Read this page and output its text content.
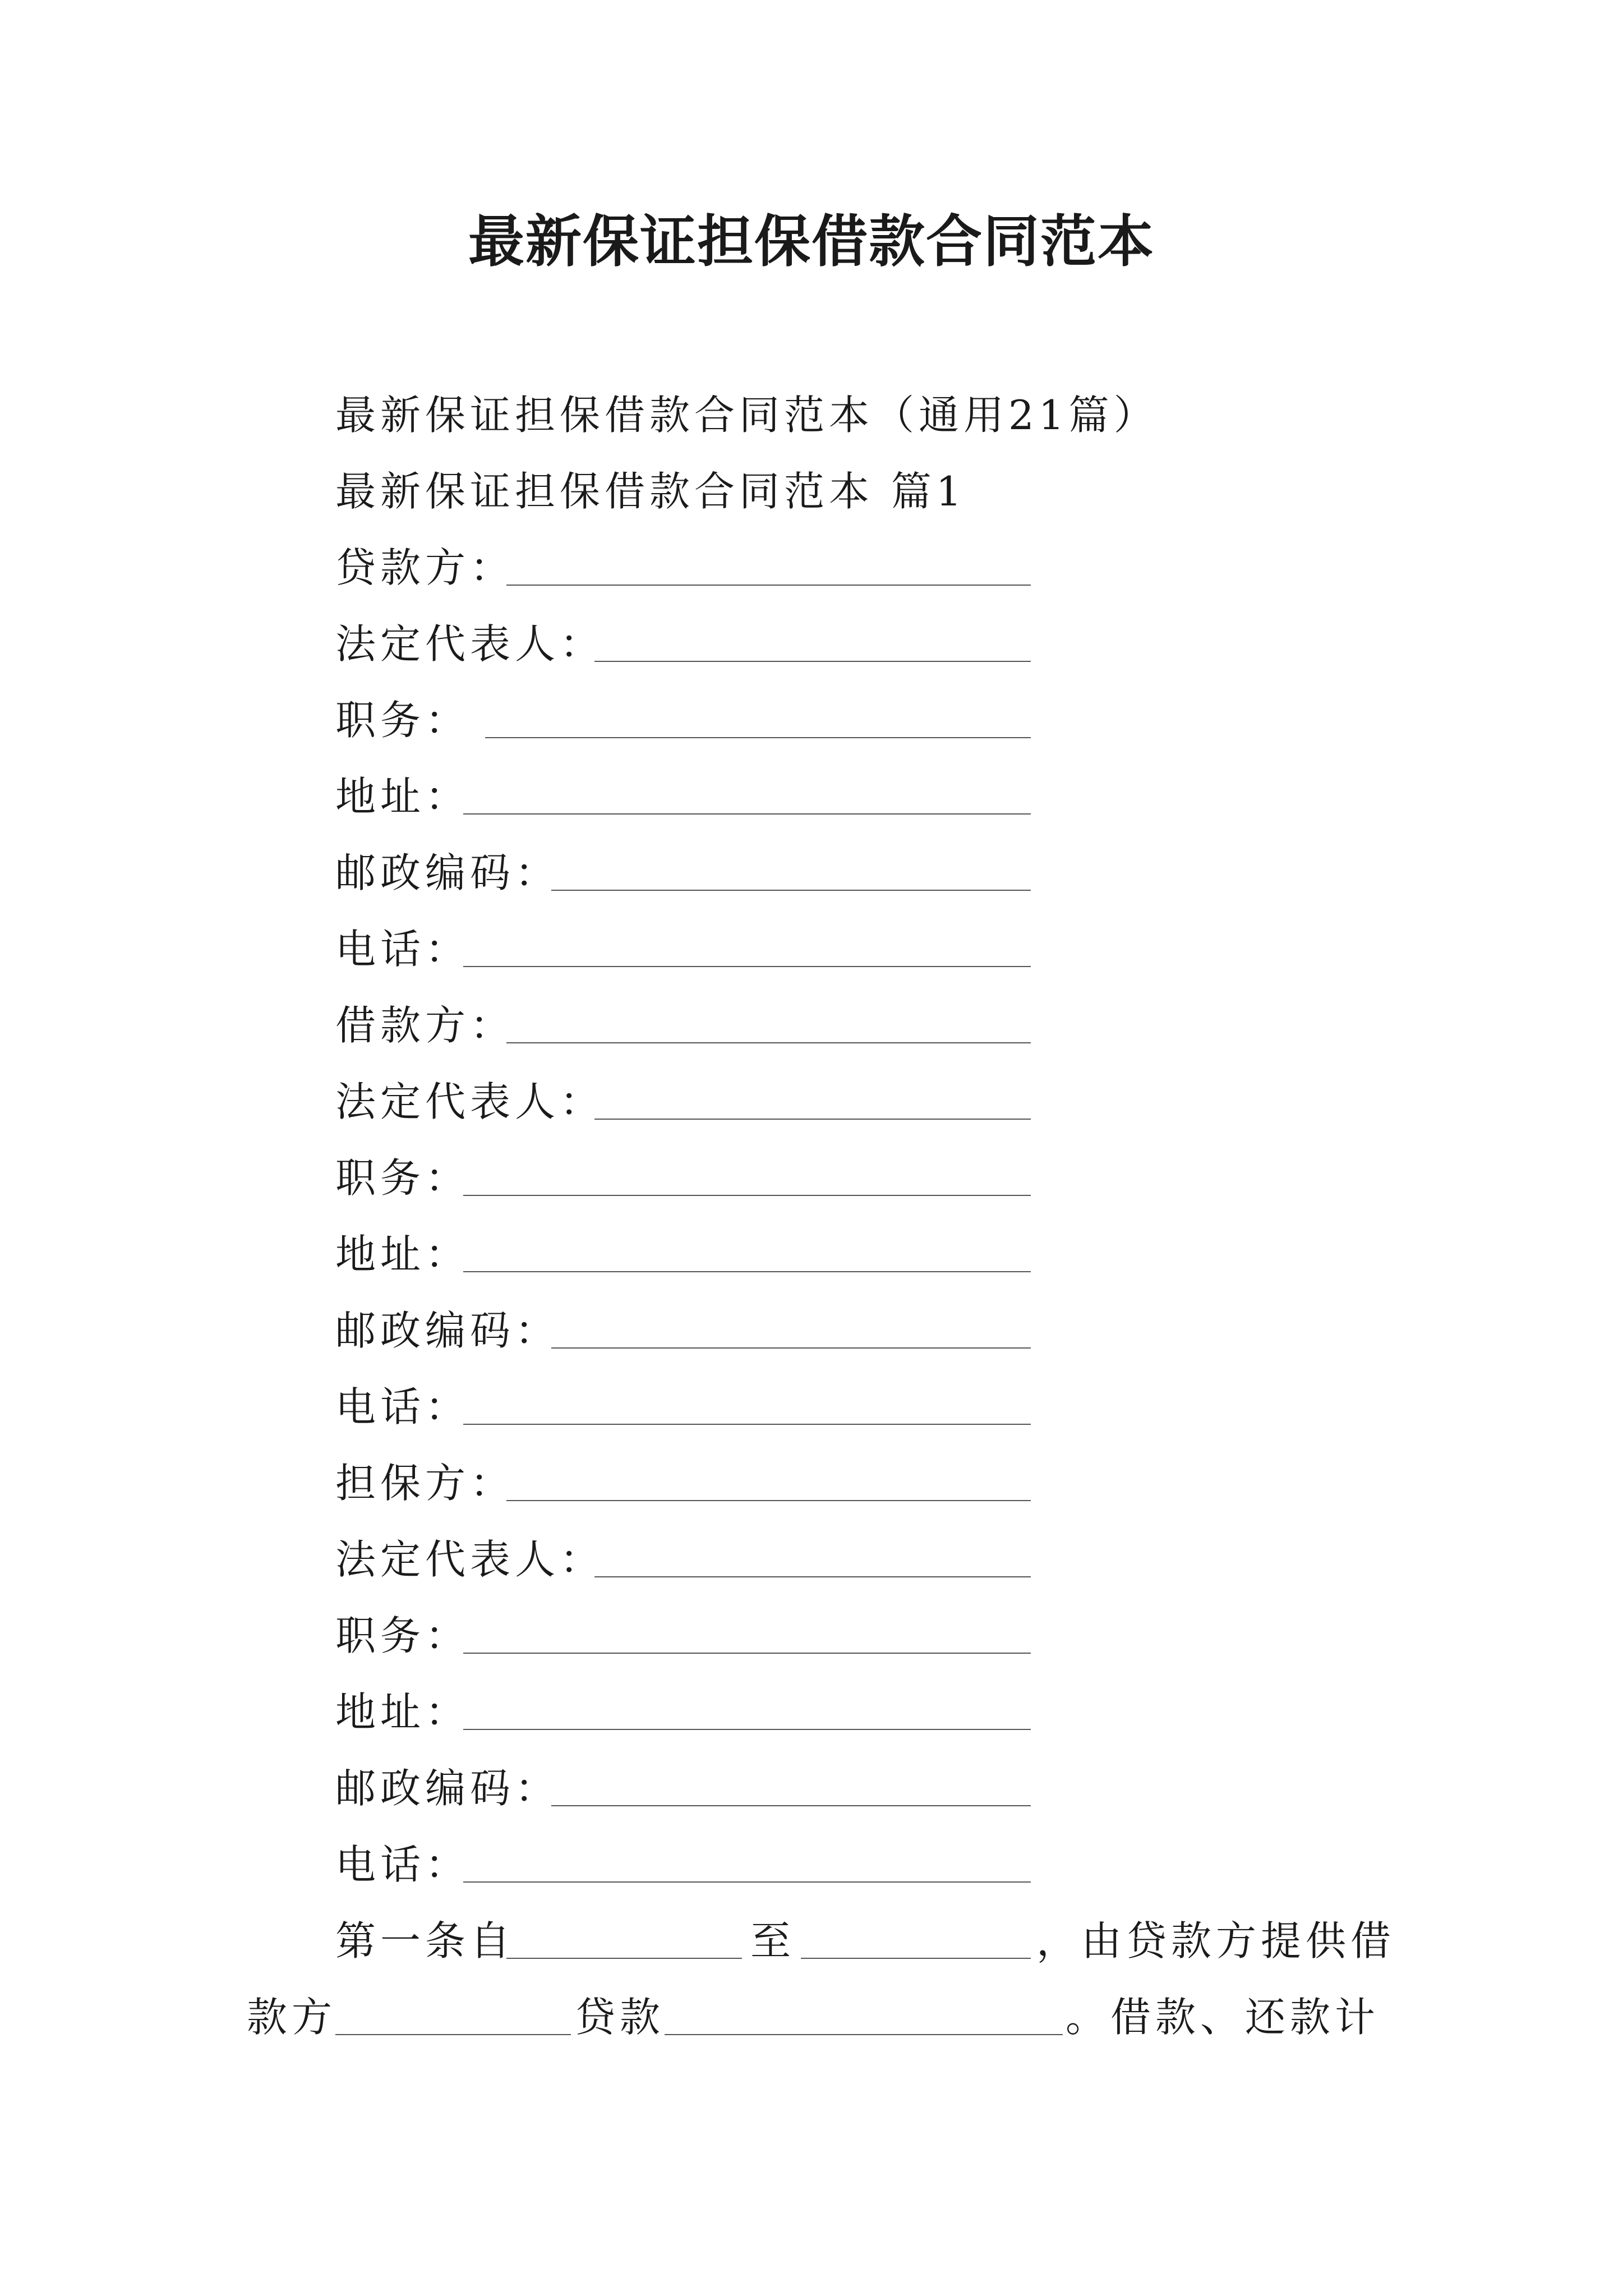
最新保证担保借款合同范本
最新保证担保借款合同范本（通用21篇）
最新保证担保借款合同范本 篇1
贷款方：
法定代表人：
职务：
地址：
邮政编码：
电话：
借款方：
法定代表人：
职务：
地址：
邮政编码：
电话：
担保方：
法定代表人：
职务：
地址：
邮政编码：
电话：
第一条自	至	，由贷款方提供借
款方	贷款	。借款、还款计
